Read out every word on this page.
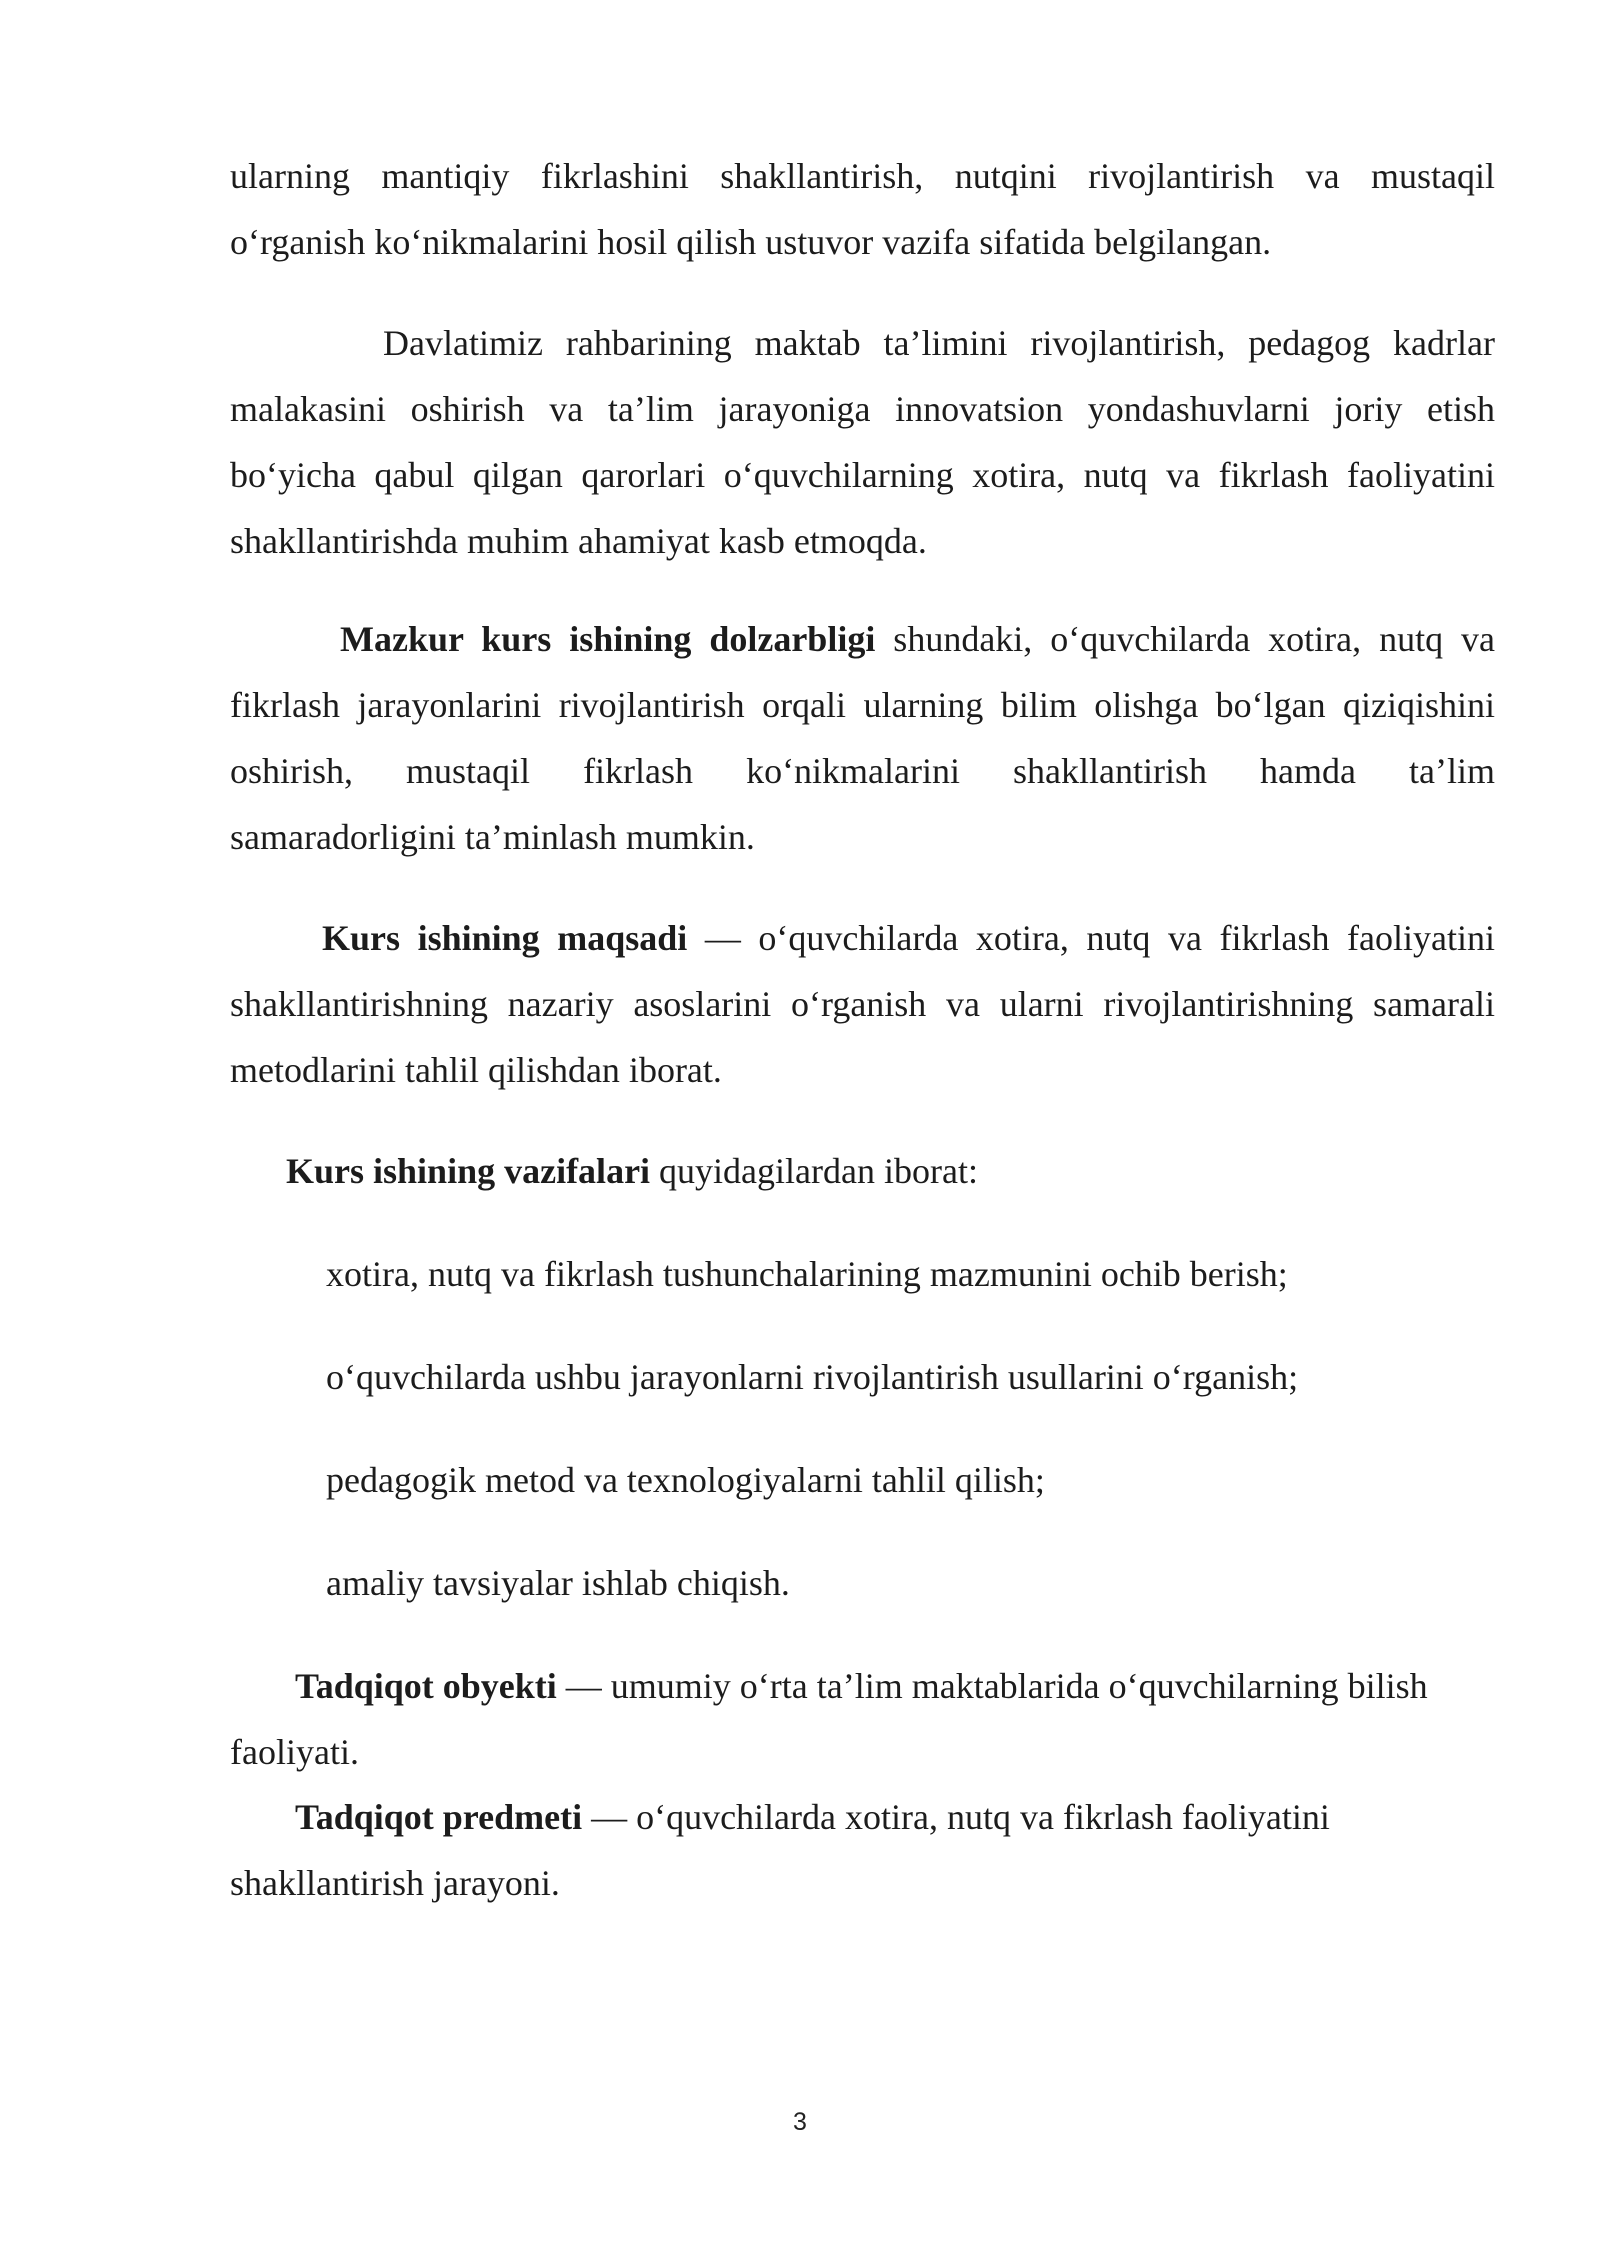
ularning mantiqiy fikrlashini shakllantirish, nutqini rivojlantirish va mustaqil
o‘rganish ko‘nikmalarini hosil qilish ustuvor vazifa sifatida belgilangan.
Davlatimiz rahbarining maktab ta’limini rivojlantirish, pedagog kadrlar
malakasini oshirish va ta’lim jarayoniga innovatsion yondashuvlarni joriy etish
bo‘yicha qabul qilgan qarorlari o‘quvchilarning xotira, nutq va fikrlash faoliyatini
shakllantirishda muhim ahamiyat kasb etmoqda.
Mazkur kurs ishining dolzarbligi shundaki, o‘quvchilarda xotira, nutq va
fikrlash jarayonlarini rivojlantirish orqali ularning bilim olishga bo‘lgan qiziqishini
oshirish, mustaqil fikrlash ko‘nikmalarini shakllantirish hamda ta’lim
samaradorligini ta’minlash mumkin.
Kurs ishining maqsadi — o‘quvchilarda xotira, nutq va fikrlash faoliyatini
shakllantirishning nazariy asoslarini o‘rganish va ularni rivojlantirishning samarali
metodlarini tahlil qilishdan iborat.
Kurs ishining vazifalari quyidagilardan iborat:
xotira, nutq va fikrlash tushunchalarining mazmunini ochib berish;
o‘quvchilarda ushbu jarayonlarni rivojlantirish usullarini o‘rganish;
pedagogik metod va texnologiyalarni tahlil qilish;
amaliy tavsiyalar ishlab chiqish.
Tadqiqot obyekti — umumiy o‘rta ta’lim maktablarida o‘quvchilarning bilish
faoliyati.
Tadqiqot predmeti — o‘quvchilarda xotira, nutq va fikrlash faoliyatini
shakllantirish jarayoni.
3
